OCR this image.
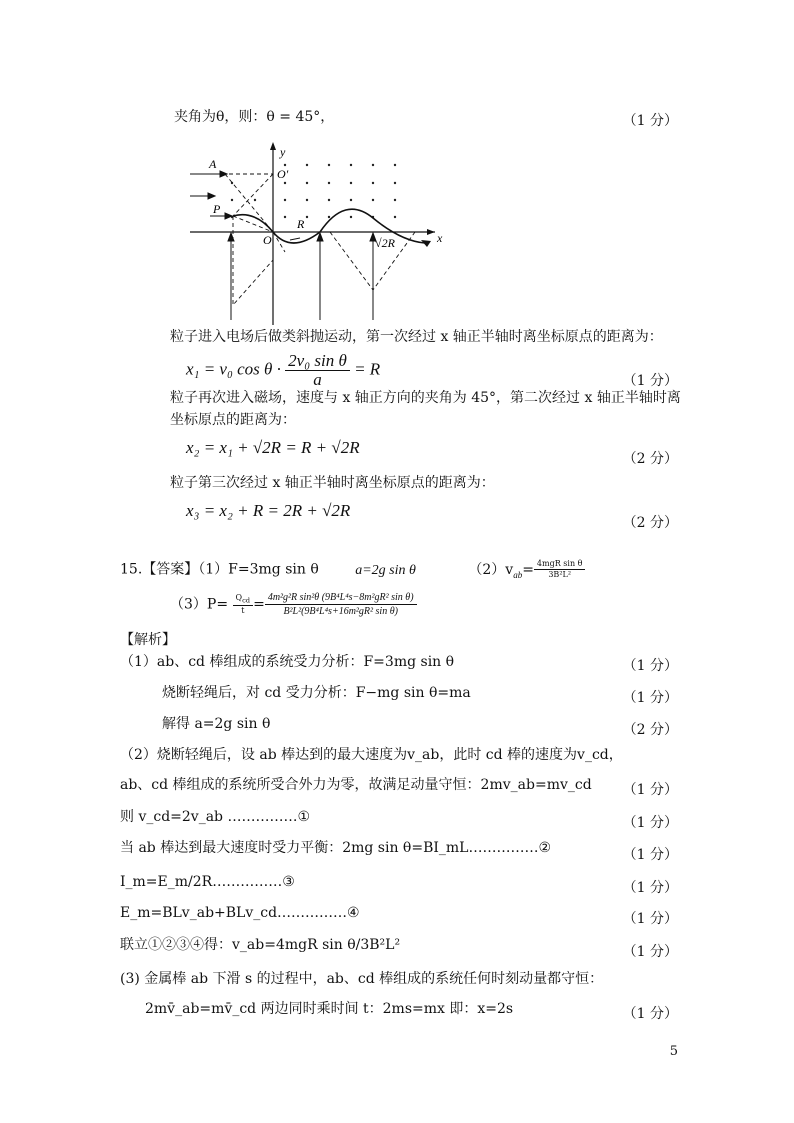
夹角为θ，则：θ = 45°，	（1 分）
A
O′
P
O
R
√2R	x
y
粒子进入电场后做类斜抛运动，第一次经过 x 轴正半轴时离坐标原点的距离为：
x₁ = v₀ $\cos \theta \cdot \frac{\text{2v₀ sin θ}}{a} = R$
（1 分）
粒子再次进入磁场，速度与 x 轴正方向的夹角为 45°，第二次经过 x 轴正半轴时离
坐标原点的距离为：
x₂ = x₁ + √2R = R + √2R
（2 分）
粒子第三次经过 x 轴正半轴时离坐标原点的距离为：
x₃ = x₂ + R = 2R + √2R
（2 分）
15.【答案】（1）F=3mg sin θ	a=2g sin θ	$(2)v_{ab}= \frac{\text{4mgR sin θ}}{\text{3B²L²}}$
$(3)P= \frac{Q_{cd}}{t} = \frac{\text{4m²g²R sin²θ (9B⁴L⁴s−8m²gR² sin θ)}}{\text{B²L²(9B⁴L⁴s+16m²gR² sin θ)}}$
【解析】
（1）ab、cd 棒组成的系统受力分析：F=3mg sin θ	（1 分）
烧断轻绳后，对 cd 受力分析：F−mg sin θ=ma	（1 分）
解得 a=2g sin θ	（2 分）
（2）烧断轻绳后，设 ab 棒达到的最大速度为v_ab，此时 cd 棒的速度为v_cd，
ab、cd 棒组成的系统所受合外力为零，故满足动量守恒：2mv_ab=mv_cd （1 分）
则 v_cd=2v_ab ……………①	（1 分）
当 ab 棒达到最大速度时受力平衡：2mg sin θ=BI_mL……………②	（1 分）
I_m=E_m/2R……………③	（1 分）
E_m=BLv_ab+BLv_cd……………④	（1 分）
联立①②③④得：v_ab=4mgR sin θ/3B²L²	（1 分）
(3) 金属棒 ab 下滑 s 的过程中，ab、cd 棒组成的系统任何时刻动量都守恒：
2mv̄_ab=mv̄_cd 两边同时乘时间 t：2ms=mx 即：x=2s	（1 分）
5
